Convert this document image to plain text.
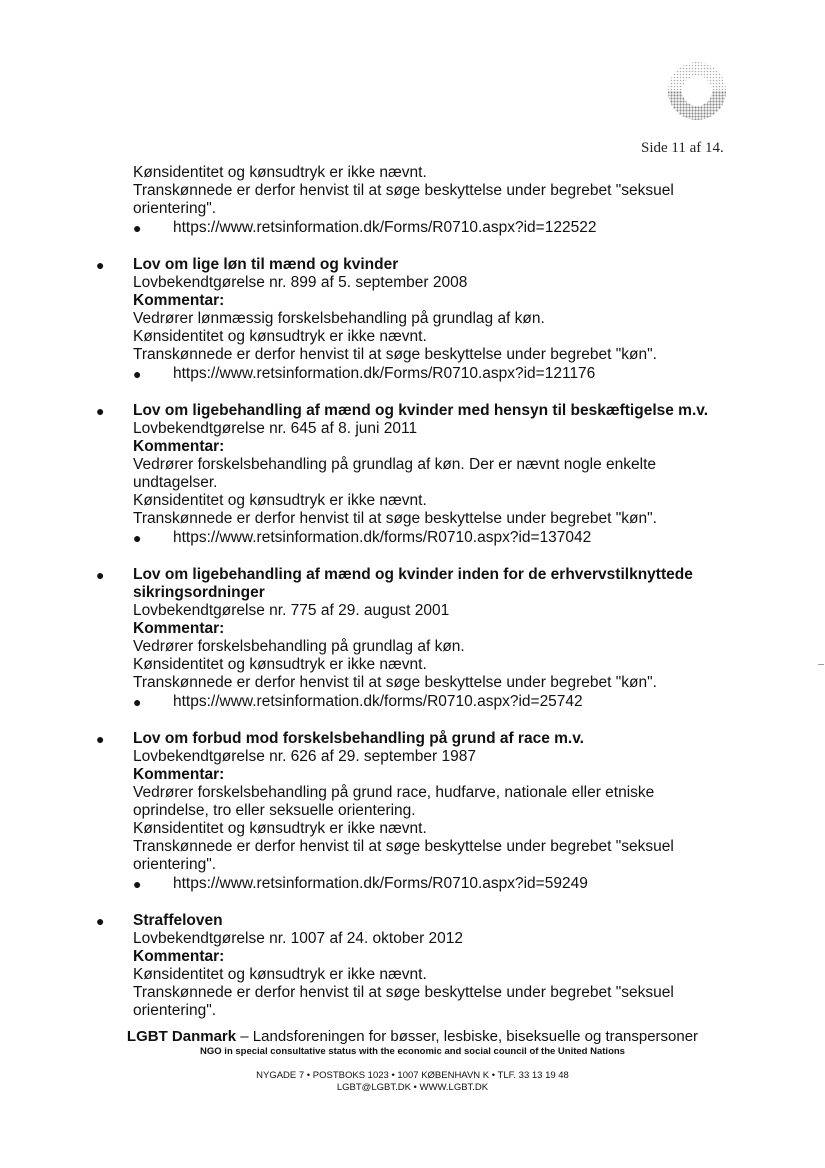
Side 11 af 14.
Kønsidentitet og kønsudtryk er ikke nævnt.
Transkønnede er derfor henvist til at søge beskyttelse under begrebet "seksuel
orientering".
● https://www.retsinformation.dk/Forms/R0710.aspx?id=122522
● Lov om lige løn til mænd og kvinder
Lovbekendtgørelse nr. 899 af 5. september 2008
Kommentar:
Vedrører lønmæssig forskelsbehandling på grundlag af køn.
Kønsidentitet og kønsudtryk er ikke nævnt.
Transkønnede er derfor henvist til at søge beskyttelse under begrebet "køn".
● https://www.retsinformation.dk/Forms/R0710.aspx?id=121176
● Lov om ligebehandling af mænd og kvinder med hensyn til beskæftigelse m.v.
Lovbekendtgørelse nr. 645 af 8. juni 2011
Kommentar:
Vedrører forskelsbehandling på grundlag af køn. Der er nævnt nogle enkelte
undtagelser.
Kønsidentitet og kønsudtryk er ikke nævnt.
Transkønnede er derfor henvist til at søge beskyttelse under begrebet "køn".
● https://www.retsinformation.dk/forms/R0710.aspx?id=137042
● Lov om ligebehandling af mænd og kvinder inden for de erhvervstilknyttede
sikringsordninger
Lovbekendtgørelse nr. 775 af 29. august 2001
Kommentar:
Vedrører forskelsbehandling på grundlag af køn.
Kønsidentitet og kønsudtryk er ikke nævnt.
Transkønnede er derfor henvist til at søge beskyttelse under begrebet "køn".
● https://www.retsinformation.dk/forms/R0710.aspx?id=25742
● Lov om forbud mod forskelsbehandling på grund af race m.v.
Lovbekendtgørelse nr. 626 af 29. september 1987
Kommentar:
Vedrører forskelsbehandling på grund race, hudfarve, nationale eller etniske
oprindelse, tro eller seksuelle orientering.
Kønsidentitet og kønsudtryk er ikke nævnt.
Transkønnede er derfor henvist til at søge beskyttelse under begrebet "seksuel
orientering".
● https://www.retsinformation.dk/Forms/R0710.aspx?id=59249
● Straffeloven
Lovbekendtgørelse nr. 1007 af 24. oktober 2012
Kommentar:
Kønsidentitet og kønsudtryk er ikke nævnt.
Transkønnede er derfor henvist til at søge beskyttelse under begrebet "seksuel
orientering".
LGBT Danmark – Landsforeningen for bøsser, lesbiske, biseksuelle og transpersoner
NGO in special consultative status with the economic and social council of the United Nations
NYGADE 7 • POSTBOKS 1023 • 1007 KØBENHAVN K • TLF. 33 13 19 48
LGBT@LGBT.DK • WWW.LGBT.DK
